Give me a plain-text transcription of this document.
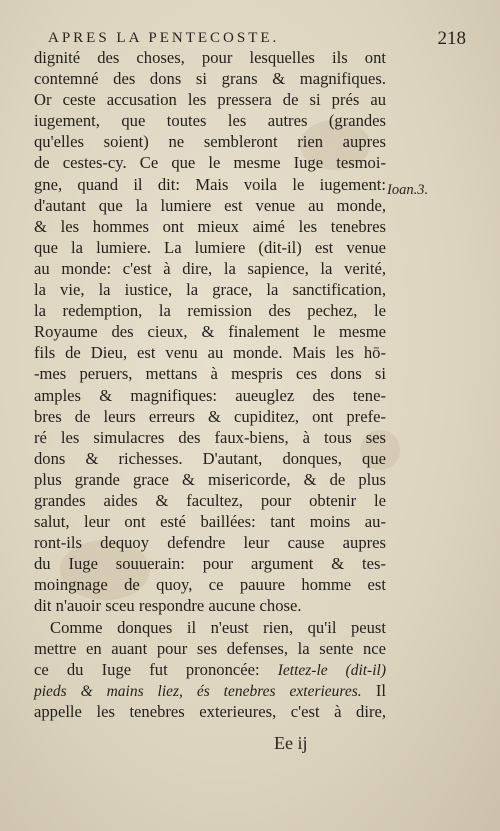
APRES LA PENTECOSTE.	218
dignité des choses, pour lesquelles ils ont
contemné des dons si grans & magnifiques.
Or ceste accusation les pressera de si prés au
iugement, que toutes les autres (grandes
qu'elles soient) ne sembleront rien aupres
de cestes-cy. Ce que le mesme Iuge tesmoi-
gne, quand il dit: Mais voila le iugement:
d'autant que la lumiere est venue au monde,
& les hommes ont mieux aimé les tenebres
que la lumiere. La lumiere (dit-il) est venue
au monde: c'est à dire, la sapience, la verité,
la vie, la iustice, la grace, la sanctification,
la redemption, la remission des pechez, le
Royaume des cieux, & finalement le mesme
fils de Dieu, est venu au monde. Mais les hō-
-mes peruers, mettans à mespris ces dons si
amples & magnifiques: aueuglez des tene-
bres de leurs erreurs & cupiditez, ont prefe-
ré les simulacres des faux-biens, à tous ses
dons & richesses. D'autant, donques, que
plus grande grace & misericorde, & de plus
grandes aides & facultez, pour obtenir le
salut, leur ont esté baillées: tant moins au-
ront-ils dequoy defendre leur cause aupres
du Iuge souuerain: pour argument & tes-
moingnage de quoy, ce pauure homme est
dit n'auoir sceu respondre aucune chose.
Comme donques il n'eust rien, qu'il peust
mettre en auant pour ses defenses, la sente nce
ce du Iuge fut prononcée: Iettez-le (dit-il)
pieds & mains liez, és tenebres exterieures. Il
appelle les tenebres exterieures, c'est à dire,
Ioan.3.
Ee ij
